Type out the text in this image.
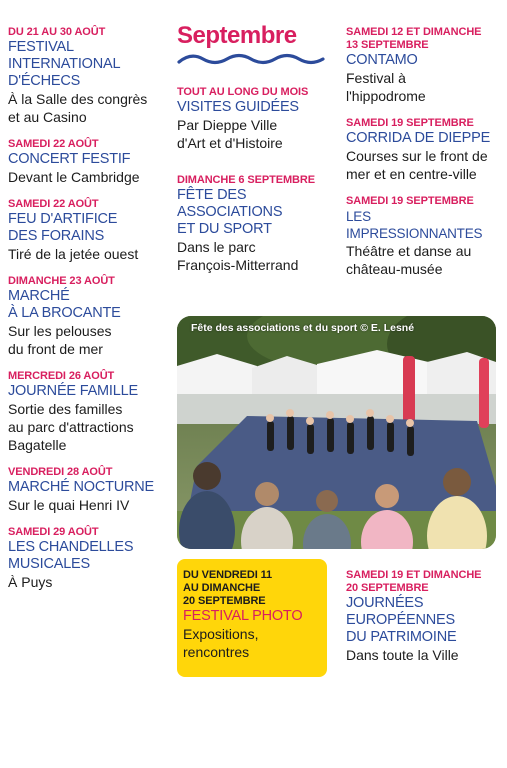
DU 21 AU 30 AOÛT
FESTIVAL
INTERNATIONAL
D'ÉCHECS
À la Salle des congrès
et au Casino
SAMEDI 22 AOÛT
CONCERT FESTIF
Devant le Cambridge
SAMEDI 22 AOÛT
FEU D'ARTIFICE
DES FORAINS
Tiré de la jetée ouest
DIMANCHE 23 AOÛT
MARCHÉ
À LA BROCANTE
Sur les pelouses
du front de mer
MERCREDI 26 AOÛT
JOURNÉE FAMILLE
Sortie des familles
au parc d'attractions
Bagatelle
VENDREDI 28 AOÛT
MARCHÉ NOCTURNE
Sur le quai Henri IV
SAMEDI 29 AOÛT
LES CHANDELLES
MUSICALES
À Puys
Septembre
TOUT AU LONG DU MOIS
VISITES GUIDÉES
Par Dieppe Ville
d'Art et d'Histoire
DIMANCHE 6 SEPTEMBRE
FÊTE DES
ASSOCIATIONS
ET DU SPORT
Dans le parc
François-Mitterrand
SAMEDI 12 ET DIMANCHE
13 SEPTEMBRE
CONTAMO
Festival à
l'hippodrome
SAMEDI 19 SEPTEMBRE
CORRIDA DE DIEPPE
Courses sur le front de
mer et en centre-ville
SAMEDI 19 SEPTEMBRE
LES IMPRESSIONNANTES
Théâtre et danse au
château-musée
Fête des associations et du sport © E. Lesné
DU VENDREDI 11
AU DIMANCHE
20 SEPTEMBRE
FESTIVAL PHOTO
Expositions,
rencontres
SAMEDI 19 ET DIMANCHE
20 SEPTEMBRE
JOURNÉES
EUROPÉENNES
DU PATRIMOINE
Dans toute la Ville
